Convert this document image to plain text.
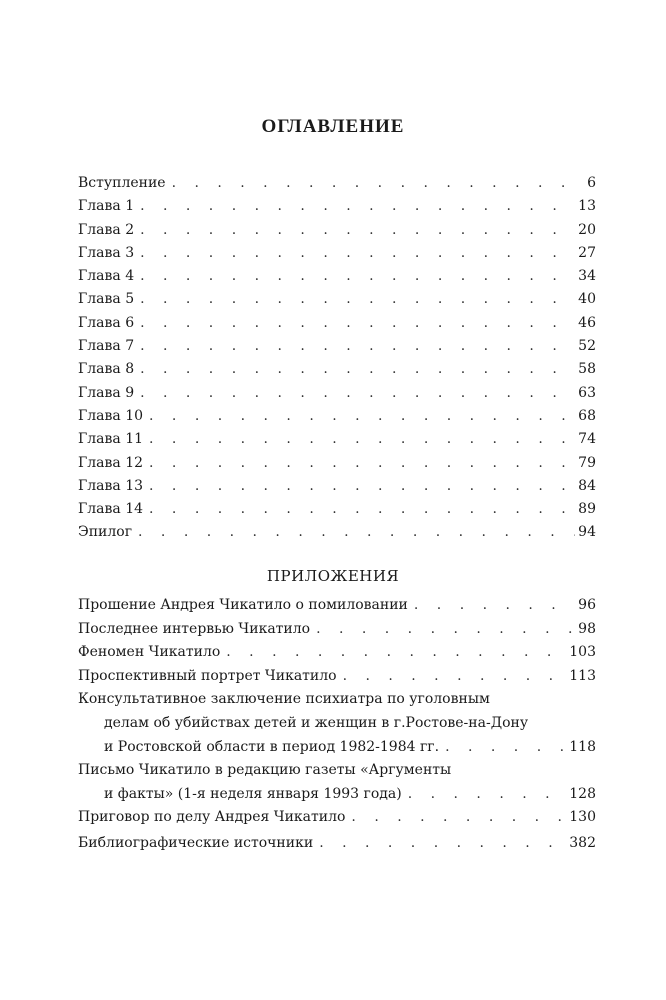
ОГЛАВЛЕНИЕ
Вступление . . .	6
Глава 1 . . .	13
Глава 2 . . .	20
Глава 3 . . .	27
Глава 4 . . .	34
Глава 5 . . .	40
Глава 6 . . .	46
Глава 7 . . .	52
Глава 8 . . .	58
Глава 9 . . .	63
Глава 10 . . .	68
Глава 11 . . .	74
Глава 12 . . .	79
Глава 13 . . .	84
Глава 14 . . .	89
Эпилог . . .	94
ПРИЛОЖЕНИЯ
Прошение Андрея Чикатило о помиловании . . .	96
Последнее интервью Чикатило . . .	98
Феномен Чикатило . . .	103
Проспективный портрет Чикатило . . .	113
Консультативное заключение психиатра по уголовным
делам об убийствах детей и женщин в г.Ростове-на-Дону
и Ростовской области в период 1982-1984 гг. . . .	118
Письмо Чикатило в редакцию газеты «Аргументы
и факты» (1-я неделя января 1993 года) . . .	128
Приговор по делу Андрея Чикатило . . .	130
Библиографические источники . . .	382
